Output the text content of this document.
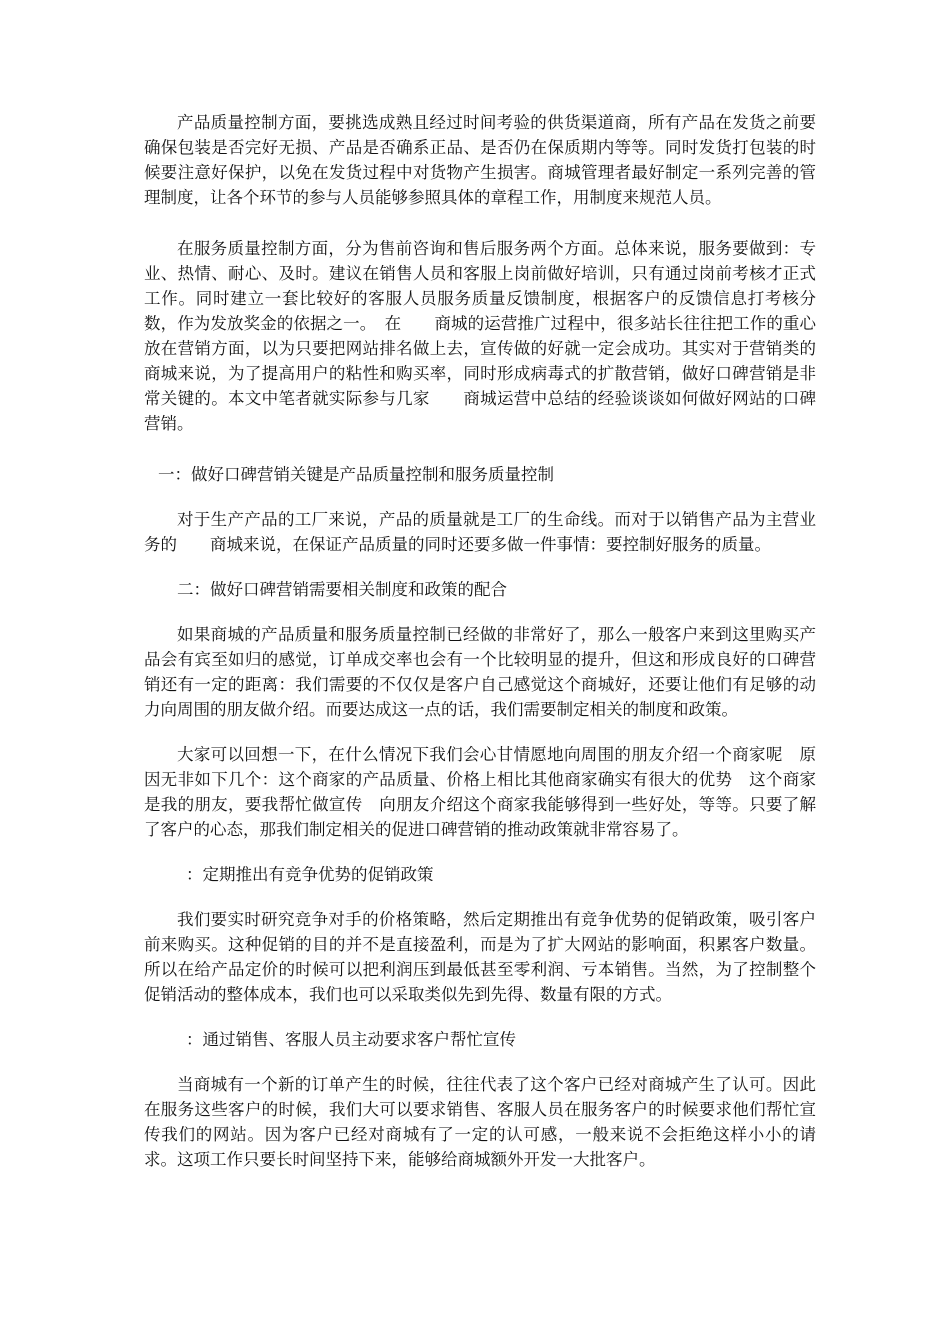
产品质量控制方面，要挑选成熟且经过时间考验的供货渠道商，所有产品在发货之前要确保包装是否完好无损、产品是否确系正品、是否仍在保质期内等等。同时发货打包装的时候要注意好保护，以免在发货过程中对货物产生损害。商城管理者最好制定一系列完善的管理制度，让各个环节的参与人员能够参照具体的章程工作，用制度来规范人员。

在服务质量控制方面，分为售前咨询和售后服务两个方面。总体来说，服务要做到：专业、热情、耐心、及时。建议在销售人员和客服上岗前做好培训，只有通过岗前考核才正式工作。同时建立一套比较好的客服人员服务质量反馈制度，根据客户的反馈信息打考核分数，作为发放奖金的依据之一。　在　　商城的运营推广过程中，很多站长往往把工作的重心放在营销方面，以为只要把网站排名做上去，宣传做的好就一定会成功。其实对于营销类的　　商城来说，为了提高用户的粘性和购买率，同时形成病毒式的扩散营销，做好口碑营销是非常关键的。本文中笔者就实际参与几家　　商城运营中总结的经验谈谈如何做好网站的口碑营销。

一：做好口碑营销关键是产品质量控制和服务质量控制

对于生产产品的工厂来说，产品的质量就是工厂的生命线。而对于以销售产品为主营业务的　　商城来说，在保证产品质量的同时还要多做一件事情：要控制好服务的质量。

二：做好口碑营销需要相关制度和政策的配合

如果商城的产品质量和服务质量控制已经做的非常好了，那么一般客户来到这里购买产品会有宾至如归的感觉，订单成交率也会有一个比较明显的提升，但这和形成良好的口碑营销还有一定的距离：我们需要的不仅仅是客户自己感觉这个商城好，还要让他们有足够的动力向周围的朋友做介绍。而要达成这一点的话，我们需要制定相关的制度和政策。

大家可以回想一下，在什么情况下我们会心甘情愿地向周围的朋友介绍一个商家呢　原因无非如下几个：这个商家的产品质量、价格上相比其他商家确实有很大的优势　这个商家是我的朋友，要我帮忙做宣传　向朋友介绍这个商家我能够得到一些好处，等等。只要了解了客户的心态，那我们制定相关的促进口碑营销的推动政策就非常容易了。

：定期推出有竞争优势的促销政策

我们要实时研究竞争对手的价格策略，然后定期推出有竞争优势的促销政策，吸引客户前来购买。这种促销的目的并不是直接盈利，而是为了扩大网站的影响面，积累客户数量。所以在给产品定价的时候可以把利润压到最低甚至零利润、亏本销售。当然，为了控制整个促销活动的整体成本，我们也可以采取类似先到先得、数量有限的方式。

：通过销售、客服人员主动要求客户帮忙宣传

当商城有一个新的订单产生的时候，往往代表了这个客户已经对商城产生了认可。因此在服务这些客户的时候，我们大可以要求销售、客服人员在服务客户的时候要求他们帮忙宣传我们的网站。因为客户已经对商城有了一定的认可感，一般来说不会拒绝这样小小的请求。这项工作只要长时间坚持下来，能够给商城额外开发一大批客户。
